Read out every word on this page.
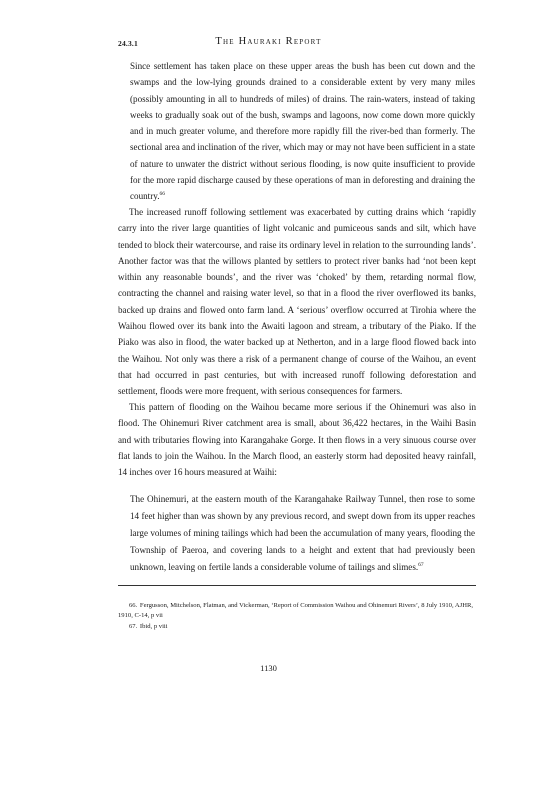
24.3.1	The Hauraki Report

Since settlement has taken place on these upper areas the bush has been cut down and the swamps and the low-lying grounds drained to a considerable extent by very many miles (possibly amounting in all to hundreds of miles) of drains. The rain-waters, instead of taking weeks to gradually soak out of the bush, swamps and lagoons, now come down more quickly and in much greater volume, and therefore more rapidly fill the river-bed than formerly. The sectional area and inclination of the river, which may or may not have been sufficient in a state of nature to unwater the district without serious flooding, is now quite insufficient to provide for the more rapid discharge caused by these operations of man in deforesting and draining the country.$^{66}$

The increased runoff following settlement was exacerbated by cutting drains which ‘rapidly carry into the river large quantities of light volcanic and pumiceous sands and silt, which have tended to block their watercourse, and raise its ordinary level in relation to the surrounding lands’. Another factor was that the willows planted by settlers to protect river banks had ‘not been kept within any reasonable bounds’, and the river was ‘choked’ by them, retarding normal flow, contracting the channel and raising water level, so that in a flood the river overflowed its banks, backed up drains and flowed onto farm land. A ‘serious’ overflow occurred at Tirohia where the Waihou flowed over its bank into the Awaiti lagoon and stream, a tributary of the Piako. If the Piako was also in flood, the water backed up at Netherton, and in a large flood flowed back into the Waihou. Not only was there a risk of a permanent change of course of the Waihou, an event that had occurred in past centuries, but with increased runoff following deforestation and settlement, floods were more frequent, with serious consequences for farmers.

This pattern of flooding on the Waihou became more serious if the Ohinemuri was also in flood. The Ohinemuri River catchment area is small, about 36,422 hectares, in the Waihi Basin and with tributaries flowing into Karangahake Gorge. It then flows in a very sinuous course over flat lands to join the Waihou. In the March flood, an easterly storm had deposited heavy rainfall, 14 inches over 16 hours measured at Waihi:

The Ohinemuri, at the eastern mouth of the Karangahake Railway Tunnel, then rose to some 14 feet higher than was shown by any previous record, and swept down from its upper reaches large volumes of mining tailings which had been the accumulation of many years, flooding the Township of Paeroa, and covering lands to a height and extent that had previously been unknown, leaving on fertile lands a considerable volume of tailings and slimes.$^{67}$

66. Fergusson, Mitchelson, Flatman, and Vickerman, ‘Report of Commission Waihou and Ohinemuri Rivers’, 8 July 1910, AJHR, 1910, C-14, p vii

67. Ibid, p viii

1130
